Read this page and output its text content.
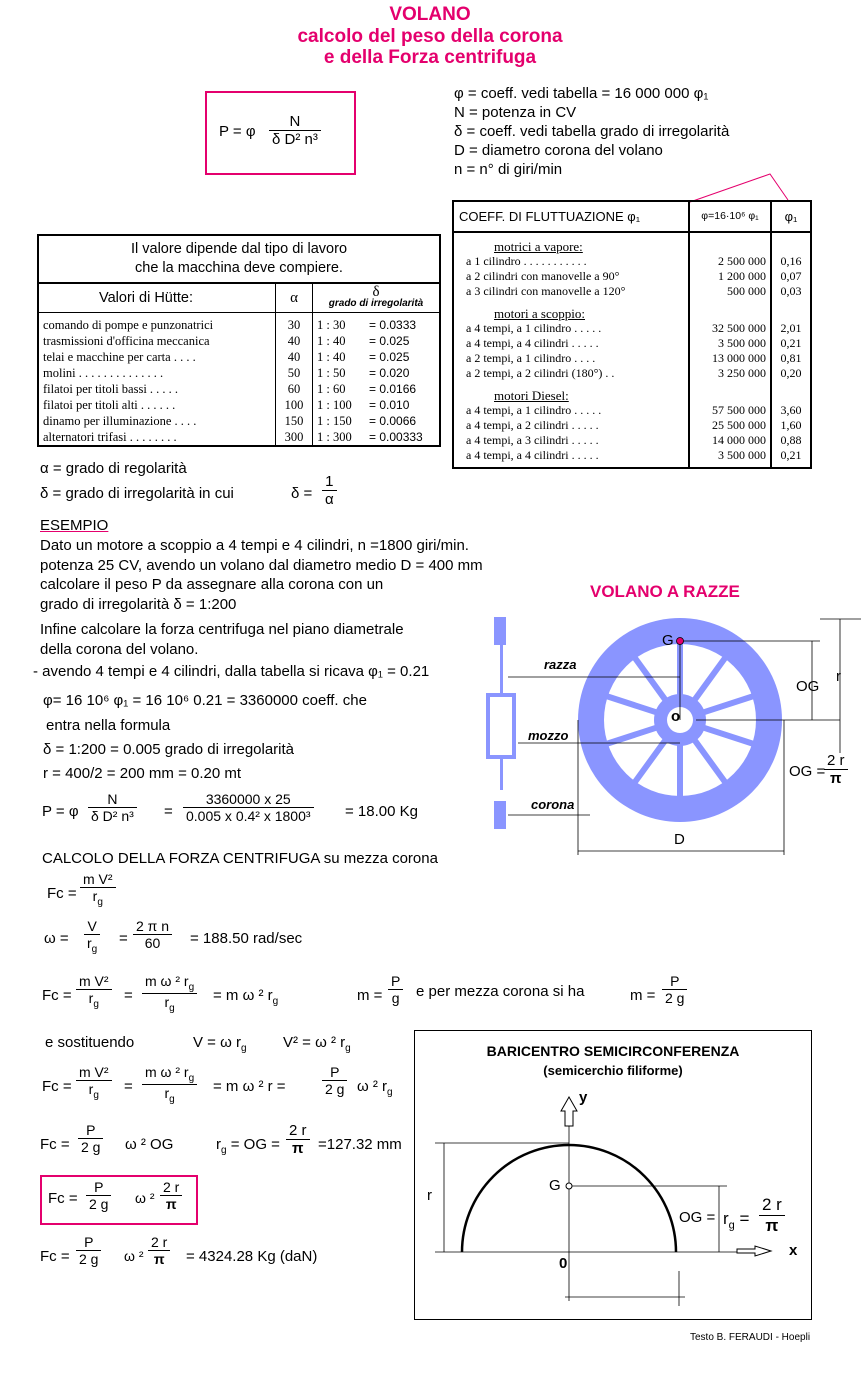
VOLANO
calcolo del peso della corona
e della Forza centrifuga
P = φ $\frac{N}{\text{δ D² n³}}$
φ = coeff. vedi tabella = 16 000 000 φ₁
N = potenza in CV
δ = coeff. vedi tabella grado di irregolarità
D = diametro corona del volano
n = n° di giri/min
Il valore dipende dal tipo di lavoro
che la macchina deve compiere.		

Valori di Hütte:	α	δ
grado di irregolarità

comando di pompe e punzonatrici	30	1 : 30 = 0.0333
trasmissioni d'officina meccanica	40	1 : 40 = 0.025
telai e macchine per carta . . . .	40	1 : 40 = 0.025
molini . . . . . . . . . . . . . .	50	1 : 50 = 0.020
filatoi per titoli bassi . . . . .	60	1 : 60 = 0.0166
filatoi per titoli alti . . . . . .	100	1 : 100 = 0.010
dinamo per illuminazione . . . .	150	1 : 150 = 0.0066
alternatori trifasi . . . . . . . .	300	1 : 300 = 0.00333
COEFF. DI FLUTTUAZIONE φ₁	φ=16·10⁶ φ₁	φ₁
motrici a vapore:		
a 1 cilindro . . . . . . . . . . .	2 500 000	0,16
a 2 cilindri con manovelle a 90°	1 200 000	0,07
a 3 cilindri con manovelle a 120°	500 000	0,03
motori a scoppio:		
a 4 tempi, a 1 cilindro . . . . .	32 500 000	2,01
a 4 tempi, a 4 cilindri . . . . .	3 500 000	0,21
a 2 tempi, a 1 cilindro . . . .	13 000 000	0,81
a 2 tempi, a 2 cilindri (180°) . .	3 250 000	0,20
motori Diesel:		
a 4 tempi, a 1 cilindro . . . . .	57 500 000	3,60
a 4 tempi, a 2 cilindri . . . . .	25 500 000	1,60
a 4 tempi, a 3 cilindri . . . . .	14 000 000	0,88
a 4 tempi, a 4 cilindri . . . . .	3 500 000	0,21
α = grado di regolarità
δ = grado di irregolarità in cui	$\delta = \frac{1}{\alpha}$
ESEMPIO
Dato un motore a scoppio a 4 tempi e 4 cilindri, n =1800 giri/min.
potenza 25 CV, avendo un volano dal diametro medio D = 400 mm
calcolare il peso P da assegnare alla corona con un
grado di irregolarità δ = 1:200
Infine calcolare la forza centrifuga nel piano diametrale
della corona del volano.
- avendo 4 tempi e 4 cilindri, dalla tabella si ricava φ₁ = 0.21
φ= 16 10⁶ φ₁ = 16 10⁶ 0.21 = 3360000 coeff. che
entra nella formula
δ = 1:200 = 0.005 grado di irregolarità
r = 400/2 = 200 mm = 0.20 mt
P = φ $\frac{N}{\text{δ D² n³}} = \frac{3360000 x 25}{\text{0.005 x 0.4² x 1800³}} = 18.00$ Kg
CALCOLO DELLA FORZA CENTRIFUGA su mezza corona
$Fc = \frac{\text{m V²}}{r_g}$
$\omega = \frac{V}{r_g} = \frac{\text{2 π n}}{60} = 188.50$ rad/sec
$Fc = \frac{\text{m V²}}{r_g} = \frac{m \omega ^2 r_g}{r_g} = m$ ω ² $r_g$	$m = \frac{P}{g}$ e per mezza corona si ha	$m = \frac{P}{2 g}$
e sostituendo	V = ω $r_g$ V² = ω ² $r_g$
$Fc = \frac{\text{m V²}}{r_g} = \frac{m \omega ^2 r_g}{r_g} = m$ ω ² r =	$\frac{P}{2 g}$ ω ² $r_g$
$Fc = \frac{P}{2 g}$ ω ² OG	$r_g$ = OG = $\frac{2 r}{\pi} =127.32$ mm
$Fc = \frac{P}{2 g}$ ω $^2 \frac{2 r}{\pi}$
$Fc = \frac{P}{2 g}$ ω $^2 \frac{2 r}{\pi} = 4324.28$ Kg (daN)
VOLANO A RAZZE
razza
mozzo
corona
G
o
OG
r
D
OG =
$\frac{2 r}{\pi}$
BARICENTRO SEMICIRCONFERENZA
(semicerchio filiforme)
y
x
G
0
r
OG = $r_g = \frac{2 r}{\pi}$
Testo B. FERAUDI - Hoepli
